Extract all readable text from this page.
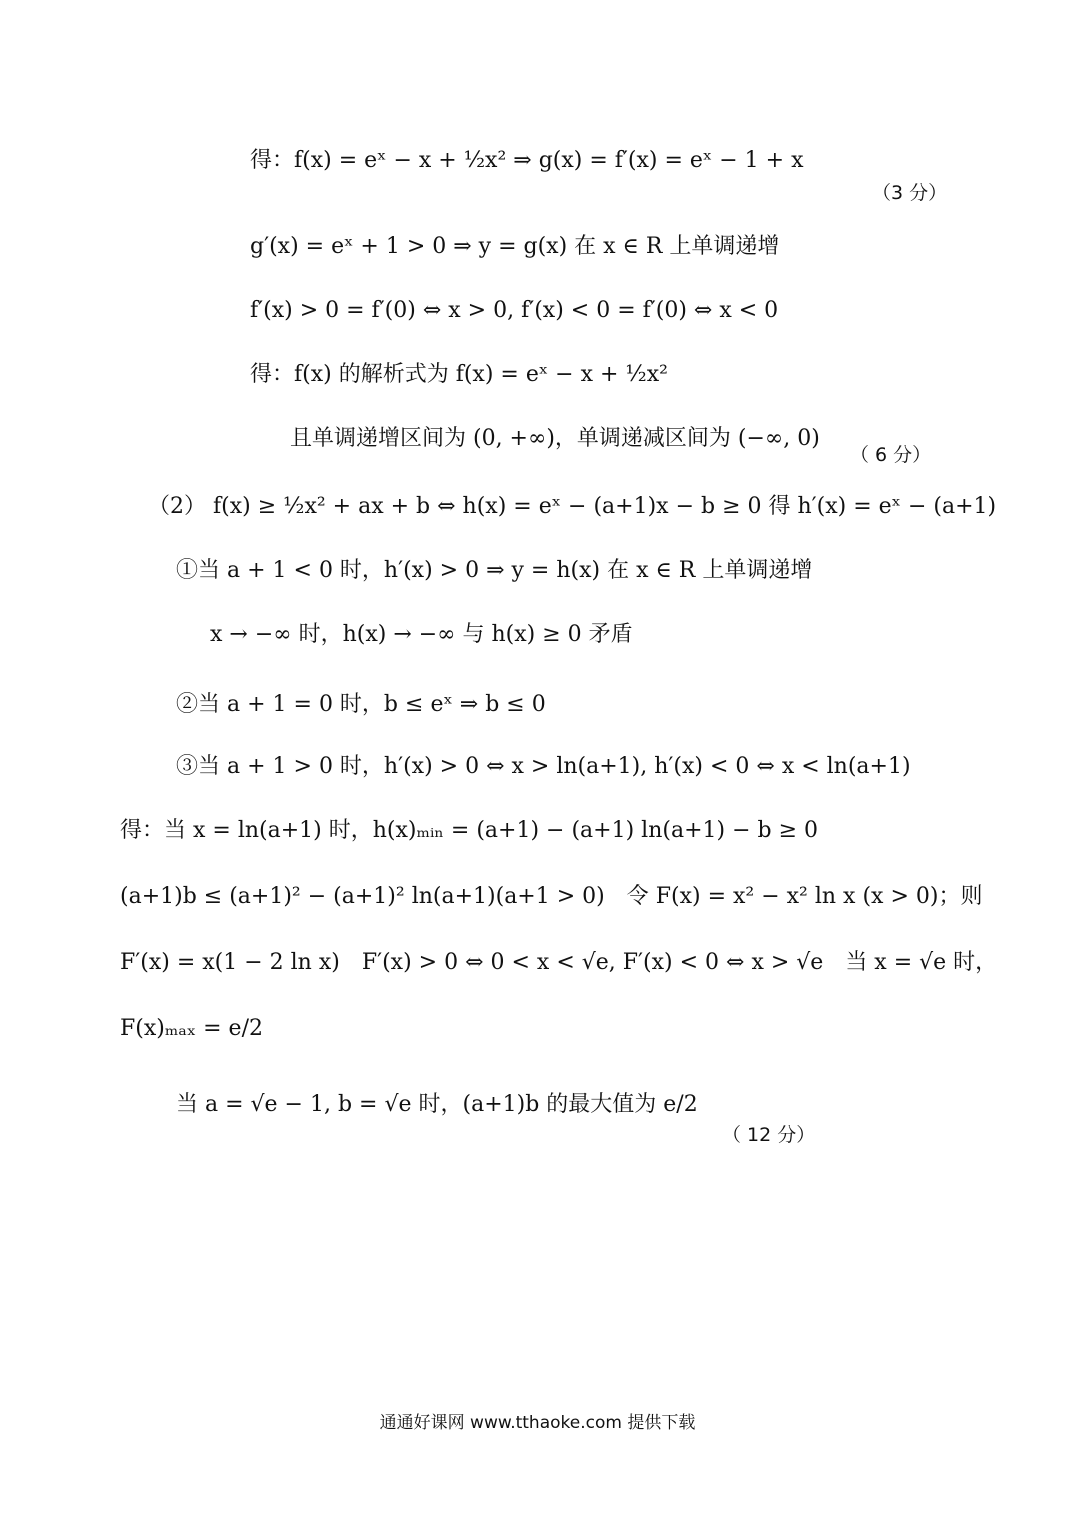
得：f(x) = eˣ − x + ½x² ⇒ g(x) = f′(x) = eˣ − 1 + x
（3 分）
g′(x) = eˣ + 1 > 0 ⇒ y = g(x) 在 x ∈ R 上单调递增
f′(x) > 0 = f′(0) ⇔ x > 0, f′(x) < 0 = f′(0) ⇔ x < 0
得：f(x) 的解析式为 f(x) = eˣ − x + ½x²
且单调递增区间为 (0, +∞)，单调递减区间为 (−∞, 0)
（ 6 分）
（2） f(x) ≥ ½x² + ax + b ⇔ h(x) = eˣ − (a+1)x − b ≥ 0 得 h′(x) = eˣ − (a+1)
①当 a + 1 < 0 时，h′(x) > 0 ⇒ y = h(x) 在 x ∈ R 上单调递增
x → −∞ 时，h(x) → −∞ 与 h(x) ≥ 0 矛盾
②当 a + 1 = 0 时，b ≤ eˣ ⇒ b ≤ 0
③当 a + 1 > 0 时，h′(x) > 0 ⇔ x > ln(a+1), h′(x) < 0 ⇔ x < ln(a+1)
得：当 x = ln(a+1) 时，h(x)ₘᵢₙ = (a+1) − (a+1) ln(a+1) − b ≥ 0
(a+1)b ≤ (a+1)² − (a+1)² ln(a+1)(a+1 > 0)　令 F(x) = x² − x² ln x (x > 0)；则
F′(x) = x(1 − 2 ln x)　F′(x) > 0 ⇔ 0 < x < √e, F′(x) < 0 ⇔ x > √e　当 x = √e 时，
F(x)ₘₐₓ = e/2
当 a = √e − 1, b = √e 时，(a+1)b 的最大值为 e/2
（ 12 分）
通通好课网 www.tthaoke.com 提供下载
